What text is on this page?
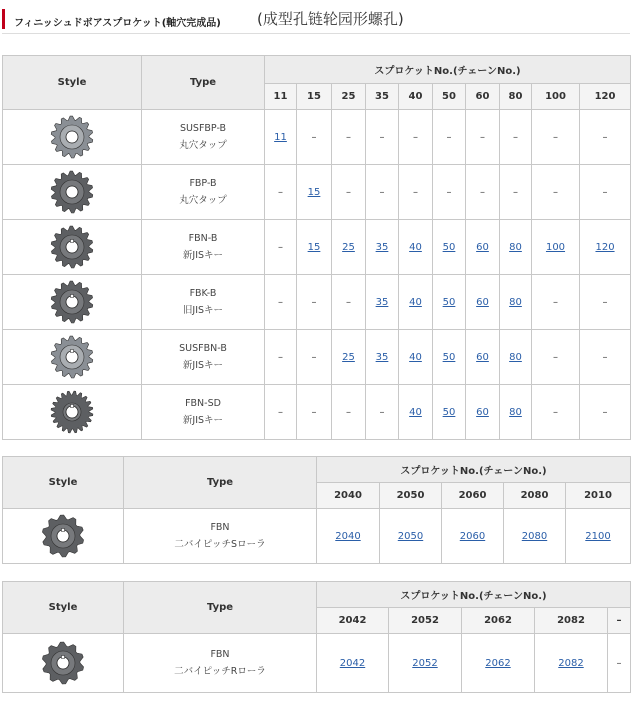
フィニッシュドボアスプロケット(軸穴完成品) (成型孔链轮园形螺孔)
Style	Type	スプロケットNo.(チェーンNo.)									
		11	15	25	35	40	50	60	80	100	120

SUSFBP-B
丸穴タップ	11	–	–	–	–	–	–	–	–	–

FBP-B
丸穴タップ	–	15	–	–	–	–	–	–	–	–

FBN-B
新JISキー	–	15	25	35	40	50	60	80	100	120

FBK-B
旧JISキー	–	–	–	35	40	50	60	80	–	–

SUSFBN-B
新JISキー	–	–	25	35	40	50	60	80	–	–

FBN-SD
新JISキー	–	–	–	–	40	50	60	80	–	–
Style	Type	スプロケットNo.(チェーンNo.)				
		2040	2050	2060	2080	2010

FBN
二バイピッチSローラ	2040	2050	2060	2080	2100
Style	Type	スプロケットNo.(チェーンNo.)				
		2042	2052	2062	2082	–

FBN
二バイピッチRローラ	2042	2052	2062	2082	–
